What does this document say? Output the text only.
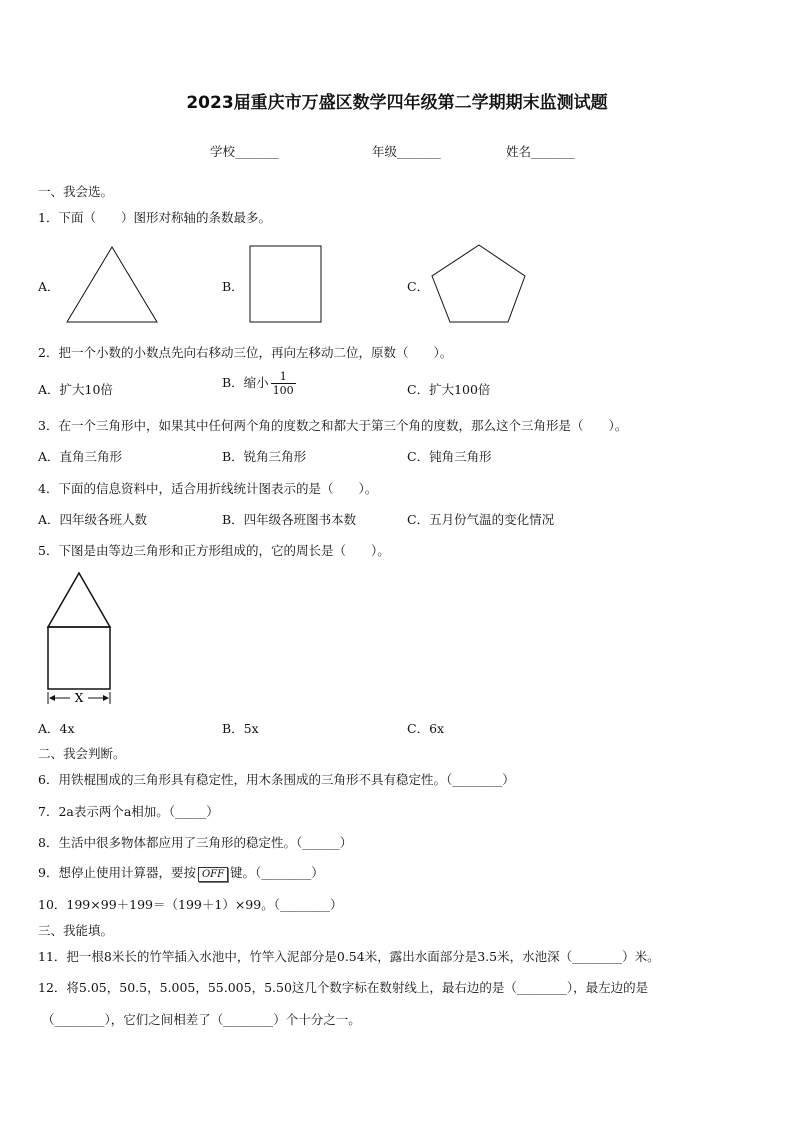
2023届重庆市万盛区数学四年级第二学期期末监测试题
学校_______	年级_______	姓名_______
一、我会选。
1．下面（　　）图形对称轴的条数最多。
A．	B．	C．
2．把一个小数的小数点先向右移动三位，再向左移动二位，原数（　　）。
A．扩大10倍	B．缩小 $\frac{1}{100}$	C．扩大100倍
3．在一个三角形中，如果其中任何两个角的度数之和都大于第三个角的度数，那么这个三角形是（　　）。
A．直角三角形	B．锐角三角形	C．钝角三角形
4．下面的信息资料中，适合用折线统计图表示的是（　　）。
A．四年级各班人数	B．四年级各班图书本数	C．五月份气温的变化情况
5．下图是由等边三角形和正方形组成的，它的周长是（　　）。
X
A．4x	B．5x	C．6x
二、我会判断。
6．用铁棍围成的三角形具有稳定性，用木条围成的三角形不具有稳定性。（________）
7．2a表示两个a相加。（_____）
8．生活中很多物体都应用了三角形的稳定性。（______）
9．想停止使用计算器，要按 OFF 键。（________）
10．199×99＋199＝（199＋1）×99。（________）
三、我能填。
11．把一根8米长的竹竿插入水池中，竹竿入泥部分是0.54米，露出水面部分是3.5米，水池深（________）米。
12．将5.05，50.5，5.005，55.005，5.50这几个数字标在数射线上，最右边的是（________），最左边的是
（________），它们之间相差了（________）个十分之一。
